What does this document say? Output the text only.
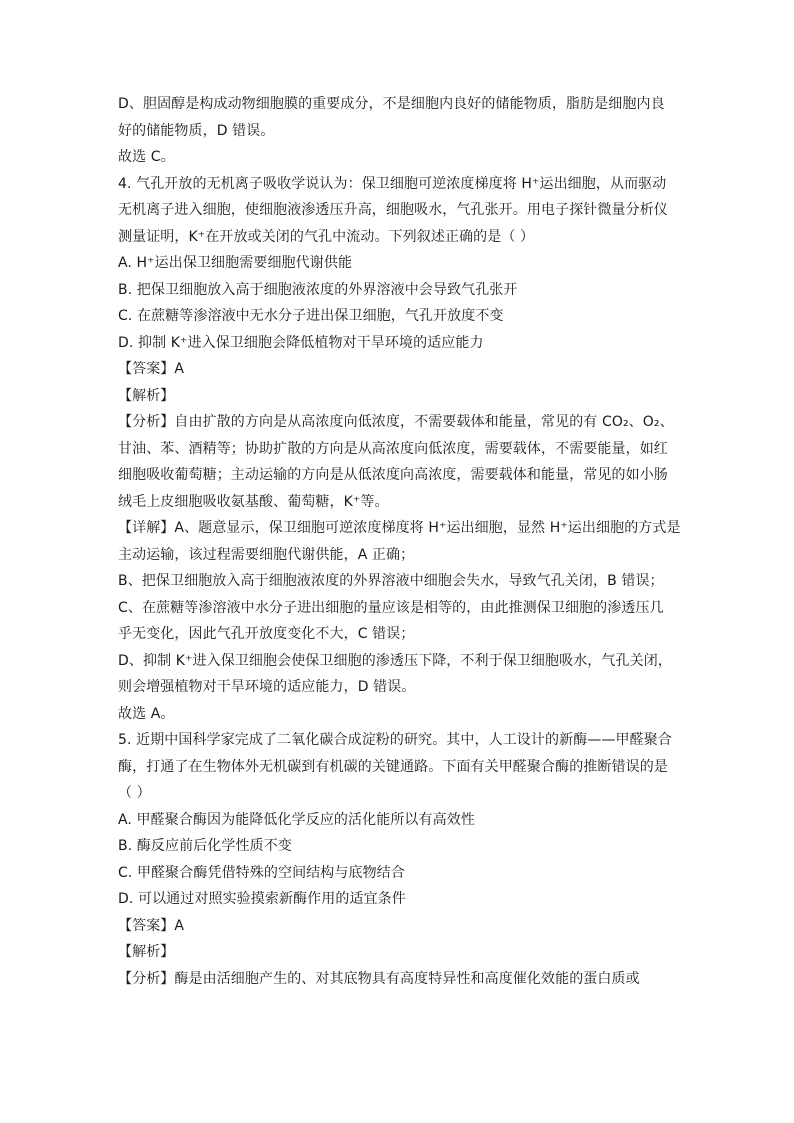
D、胆固醇是构成动物细胞膜的重要成分，不是细胞内良好的储能物质，脂肪是细胞内良
好的储能物质，D 错误。
故选 C。
4. 气孔开放的无机离子吸收学说认为：保卫细胞可逆浓度梯度将 H⁺运出细胞，从而驱动
无机离子进入细胞，使细胞液渗透压升高，细胞吸水，气孔张开。用电子探针微量分析仪
测量证明，K⁺在开放或关闭的气孔中流动。下列叙述正确的是（ ）
A. H⁺运出保卫细胞需要细胞代谢供能
B. 把保卫细胞放入高于细胞液浓度的外界溶液中会导致气孔张开
C. 在蔗糖等渗溶液中无水分子进出保卫细胞，气孔开放度不变
D. 抑制 K⁺进入保卫细胞会降低植物对干旱环境的适应能力
【答案】A
【解析】
【分析】自由扩散的方向是从高浓度向低浓度，不需要载体和能量，常见的有 CO₂、O₂、
甘油、苯、酒精等；协助扩散的方向是从高浓度向低浓度，需要载体，不需要能量，如红
细胞吸收葡萄糖；主动运输的方向是从低浓度向高浓度，需要载体和能量，常见的如小肠
绒毛上皮细胞吸收氨基酸、葡萄糖，K⁺等。
【详解】A、题意显示，保卫细胞可逆浓度梯度将 H⁺运出细胞，显然 H⁺运出细胞的方式是
主动运输，该过程需要细胞代谢供能，A 正确；
B、把保卫细胞放入高于细胞液浓度的外界溶液中细胞会失水，导致气孔关闭，B 错误；
C、在蔗糖等渗溶液中水分子进出细胞的量应该是相等的，由此推测保卫细胞的渗透压几
乎无变化，因此气孔开放度变化不大，C 错误；
D、抑制 K⁺进入保卫细胞会使保卫细胞的渗透压下降，不利于保卫细胞吸水，气孔关闭，
则会增强植物对干旱环境的适应能力，D 错误。
故选 A。
5. 近期中国科学家完成了二氧化碳合成淀粉的研究。其中，人工设计的新酶——甲醛聚合
酶，打通了在生物体外无机碳到有机碳的关键通路。下面有关甲醛聚合酶的推断错误的是
（ ）
A. 甲醛聚合酶因为能降低化学反应的活化能所以有高效性
B. 酶反应前后化学性质不变
C. 甲醛聚合酶凭借特殊的空间结构与底物结合
D. 可以通过对照实验摸索新酶作用的适宜条件
【答案】A
【解析】
【分析】酶是由活细胞产生的、对其底物具有高度特异性和高度催化效能的蛋白质或
